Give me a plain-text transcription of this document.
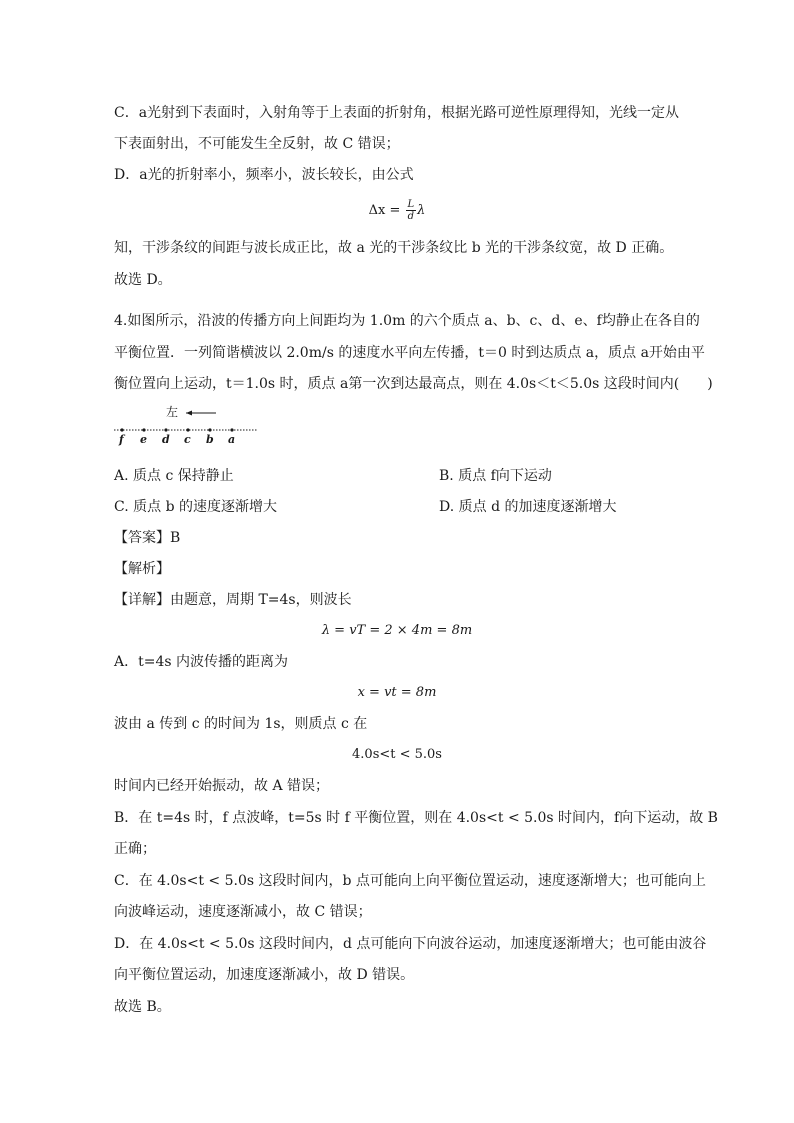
C．a光射到下表面时，入射角等于上表面的折射角，根据光路可逆性原理得知，光线一定从
下表面射出，不可能发生全反射，故 C 错误；
D．a光的折射率小，频率小，波长较长，由公式
$\Delta x = \frac{L}{d}$ λ
知，干涉条纹的间距与波长成正比，故 a 光的干涉条纹比 b 光的干涉条纹宽，故 D 正确。
故选 D。
4.如图所示，沿波的传播方向上间距均为 1.0m 的六个质点 a、b、c、d、e、f均静止在各自的
平衡位置．一列简谐横波以 2.0m/s 的速度水平向左传播，t＝0 时到达质点 a，质点 a开始由平
衡位置向上运动，t＝1.0s 时，质点 a第一次到达最高点，则在 4.0s＜t＜5.0s 这段时间内(　　)
左
f e d c b a
A. 质点 c 保持静止	B. 质点 f向下运动
C. 质点 b 的速度逐渐增大	D. 质点 d 的加速度逐渐增大
【答案】B
【解析】
【详解】由题意，周期 T=4s，则波长
λ = vT = 2 × 4m = 8m
A．t=4s 内波传播的距离为
x = vt = 8m
波由 a 传到 c 的时间为 1s，则质点 c 在
4.0s<t < 5.0s
时间内已经开始振动，故 A 错误；
B．在 t=4s 时，f 点波峰，t=5s 时 f 平衡位置，则在 4.0s<t < 5.0s 时间内，f向下运动，故 B
正确；
C．在 4.0s<t < 5.0s 这段时间内，b 点可能向上向平衡位置运动，速度逐渐增大；也可能向上
向波峰运动，速度逐渐减小，故 C 错误；
D．在 4.0s<t < 5.0s 这段时间内，d 点可能向下向波谷运动，加速度逐渐增大；也可能由波谷
向平衡位置运动，加速度逐渐减小，故 D 错误。
故选 B。
